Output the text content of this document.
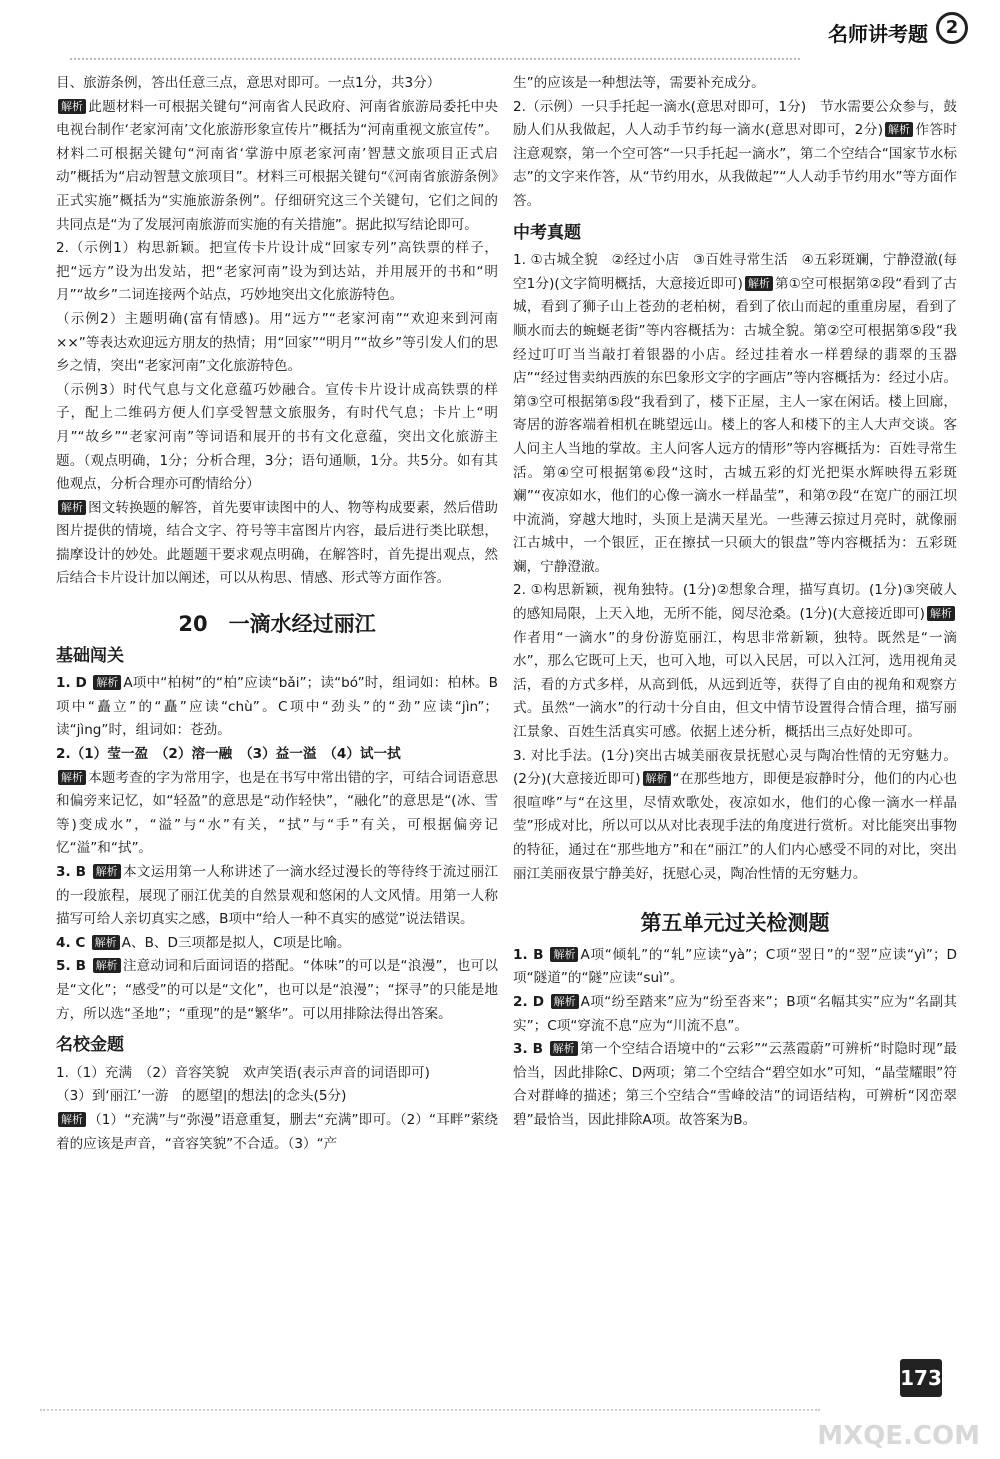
名师讲考题 2

目、旅游条例，答出任意三点，意思对即可。一点1分，共3分）

解析 此题材料一可根据关键句“河南省人民政府、河南省旅游局委托中央电视台制作‘老家河南’文化旅游形象宣传片”概括为“河南重视文旅宣传”。材料二可根据关键句“河南省‘掌游中原老家河南’智慧文旅项目正式启动”概括为“启动智慧文旅项目”。材料三可根据关键句“《河南省旅游条例》正式实施”概括为“实施旅游条例”。仔细研究这三个关键句，它们之间的共同点是“为了发展河南旅游而实施的有关措施”。据此拟写结论即可。

2.（示例1）构思新颖。把宣传卡片设计成“回家专列”高铁票的样子，把“远方”设为出发站，把“老家河南”设为到达站，并用展开的书和“明月”“故乡”二词连接两个站点，巧妙地突出文化旅游特色。

（示例2）主题明确(富有情感)。用“远方”“老家河南”“欢迎来到河南××”等表达欢迎远方朋友的热情；用“回家”“明月”“故乡”等引发人们的思乡之情，突出“老家河南”文化旅游特色。

（示例3）时代气息与文化意蕴巧妙融合。宣传卡片设计成高铁票的样子，配上二维码方便人们享受智慧文旅服务，有时代气息；卡片上“明月”“故乡”“老家河南”等词语和展开的书有文化意蕴，突出文化旅游主题。（观点明确，1分；分析合理，3分；语句通顺，1分。共5分。如有其他观点，分析合理亦可酌情给分）

解析 图文转换题的解答，首先要审读图中的人、物等构成要素，然后借助图片提供的情境，结合文字、符号等丰富图片内容，最后进行类比联想，揣摩设计的妙处。此题题干要求观点明确，在解答时，首先提出观点，然后结合卡片设计加以阐述，可以从构思、情感、形式等方面作答。

20　一滴水经过丽江
基础闯关

1. D 解析 A项中“柏树”的“柏”应读“bǎi”；读“bó”时，组词如：柏林。B项中“矗立”的“矗”应读“chù”。C项中“劲头”的“劲”应读“jìn”；读“jìng”时，组词如：苍劲。

2.（1）莹一盈　（2）溶一融　（3）益一溢　（4）试一拭

解析 本题考查的字为常用字，也是在书写中常出错的字，可结合词语意思和偏旁来记忆，如“轻盈”的意思是“动作轻快”，“融化”的意思是“(冰、雪等)变成水”，“溢”与“水”有关，“拭”与“手”有关，可根据偏旁记忆“溢”和“拭”。

3. B 解析 本文运用第一人称讲述了一滴水经过漫长的等待终于流过丽江的一段旅程，展现了丽江优美的自然景观和悠闲的人文风情。用第一人称描写可给人亲切真实之感，B项中“给人一种不真实的感觉”说法错误。

4. C 解析 A、B、D三项都是拟人，C项是比喻。

5. B 解析 注意动词和后面词语的搭配。“体味”的可以是“浪漫”，也可以是“文化”；“感受”的可以是“文化”，也可以是“浪漫”；“探寻”的只能是地方，所以选“圣地”；“重现”的是“繁华”。可以用排除法得出答案。

名校金题

1.（1）充满　（2）音容笑貌　欢声笑语(表示声音的词语即可)

（3）到‘丽江’一游　的愿望|的想法|的念头(5分)

解析 （1）“充满”与“弥漫”语意重复，删去“充满”即可。（2）“耳畔”萦绕着的应该是声音，“音容笑貌”不合适。（3）“产

生”的应该是一种想法等，需要补充成分。

2.（示例）一只手托起一滴水(意思对即可，1分)　节水需要公众参与，鼓励人们从我做起，人人动手节约每一滴水(意思对即可，2分) 解析 作答时注意观察，第一个空可答“一只手托起一滴水”，第二个空结合“国家节水标志”的文字来作答，从“节约用水，从我做起”“人人动手节约用水”等方面作答。

中考真题

1. ①古城全貌　②经过小店　③百姓寻常生活　④五彩斑斓，宁静澄澈(每空1分)(文字简明概括，大意接近即可) 解析 第①空可根据第②段“看到了古城，看到了狮子山上苍劲的老柏树，看到了依山而起的重重房屋，看到了顺水而去的蜿蜒老街”等内容概括为：古城全貌。第②空可根据第⑤段“我经过叮叮当当敲打着银器的小店。经过挂着水一样碧绿的翡翠的玉器店”“经过售卖纳西族的东巴象形文字的字画店”等内容概括为：经过小店。第③空可根据第⑤段“我看到了，楼下正屋，主人一家在闲话。楼上回廊，寄居的游客端着相机在眺望远山。楼上的客人和楼下的主人大声交谈。客人问主人当地的掌故。主人问客人远方的情形”等内容概括为：百姓寻常生活。第④空可根据第⑥段“这时，古城五彩的灯光把渠水辉映得五彩斑斓”“夜凉如水，他们的心像一滴水一样晶莹”，和第⑦段“在宽广的丽江坝中流淌，穿越大地时，头顶上是满天星光。一些薄云掠过月亮时，就像丽江古城中，一个银匠，正在擦拭一只硕大的银盘”等内容概括为：五彩斑斓，宁静澄澈。

2. ①构思新颖，视角独特。(1分)②想象合理，描写真切。(1分)③突破人的感知局限，上天入地，无所不能，阅尽沧桑。(1分)(大意接近即可) 解析作者用“一滴水”的身份游览丽江，构思非常新颖，独特。既然是“一滴水”，那么它既可上天，也可入地，可以入民居，可以入江河，选用视角灵活，看的方式多样，从高到低，从远到近等，获得了自由的视角和观察方式。虽然“一滴水”的行动十分自由，但文中情节设置得合情合理，描写丽江景象、百姓生活真实可感。依据上述分析，概括出三点好处即可。

3. 对比手法。(1分)突出古城美丽夜景抚慰心灵与陶冶性情的无穷魅力。(2分)(大意接近即可) 解析 “在那些地方，即便是寂静时分，他们的内心也很喧哗”与“在这里，尽情欢歌处，夜凉如水，他们的心像一滴水一样晶莹”形成对比，所以可以从对比表现手法的角度进行赏析。对比能突出事物的特征，通过在“那些地方”和在“丽江”的人们内心感受不同的对比，突出丽江美丽夜景宁静美好，抚慰心灵，陶冶性情的无穷魅力。

第五单元过关检测题

1. B 解析 A项“倾轧”的“轧”应读“yà”；C项“翌日”的“翌”应读“yì”；D项“隧道”的“隧”应读“suì”。

2. D 解析 A项“纷至踏来”应为“纷至沓来”；B项“名幅其实”应为“名副其实”；C项“穿流不息”应为“川流不息”。

3. B 解析 第一个空结合语境中的“云彩”“云蒸霞蔚”可辨析“时隐时现”最恰当，因此排除C、D两项；第二个空结合“碧空如水”可知，“晶莹耀眼”符合对群峰的描述；第三个空结合“雪峰皎洁”的词语结构，可辨析“冈峦翠碧”最恰当，因此排除A项。故答案为B。

173
MXQE.COM
